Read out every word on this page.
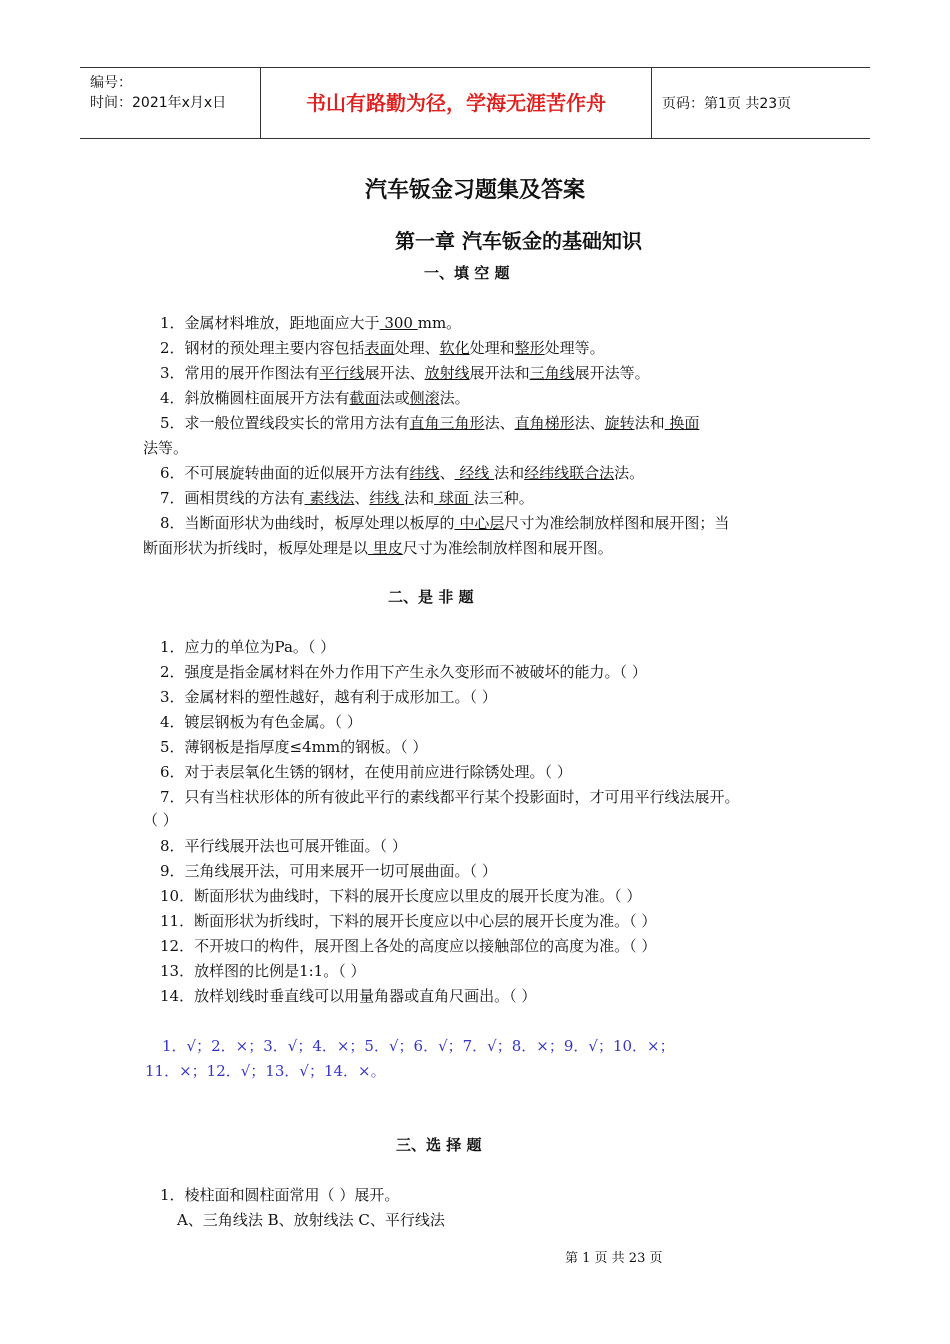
编号：
时间：2021年x月x日	书山有路勤为径，学海无涯苦作舟	页码：第1页 共23页
汽车钣金习题集及答案
第一章 汽车钣金的基础知识
一、填 空 题
1．金属材料堆放，距地面应大于 300 mm。
2．钢材的预处理主要内容包括表面处理、软化处理和整形处理等。
3．常用的展开作图法有平行线展开法、放射线展开法和三角线展开法等。
4．斜放椭圆柱面展开方法有截面法或侧滚法。
5．求一般位置线段实长的常用方法有直角三角形法、直角梯形法、旋转法和 换面
法等。
6．不可展旋转曲面的近似展开方法有纬线、 经线 法和经纬线联合法法。
7．画相贯线的方法有 素线法、纬线 法和 球面 法三种。
8．当断面形状为曲线时，板厚处理以板厚的 中心层尺寸为准绘制放样图和展开图；当
断面形状为折线时，板厚处理是以 里皮尺寸为准绘制放样图和展开图。
二、是 非 题
1．应力的单位为Pa。（ ）
2．强度是指金属材料在外力作用下产生永久变形而不被破坏的能力。（ ）
3．金属材料的塑性越好，越有利于成形加工。（ ）
4．镀层钢板为有色金属。（ ）
5．薄钢板是指厚度≤4mm的钢板。（ ）
6．对于表层氧化生锈的钢材，在使用前应进行除锈处理。（ ）
7．只有当柱状形体的所有彼此平行的素线都平行某个投影面时，才可用平行线法展开。
（ ）
8．平行线展开法也可展开锥面。（ ）
9．三角线展开法，可用来展开一切可展曲面。（ ）
10．断面形状为曲线时，下料的展开长度应以里皮的展开长度为准。（ ）
11．断面形状为折线时，下料的展开长度应以中心层的展开长度为准。（ ）
12．不开坡口的构件，展开图上各处的高度应以接触部位的高度为准。（ ）
13．放样图的比例是1:1。（ ）
14．放样划线时垂直线可以用量角器或直角尺画出。（ ）
1．√；2．×；3．√；4．×；5．√；6．√；7．√；8．×；9．√；10．×；
11．×；12．√；13．√；14．×。
三、选 择 题
1．棱柱面和圆柱面常用（ ）展开。
A、三角线法 B、放射线法 C、平行线法
第 1 页 共 23 页
